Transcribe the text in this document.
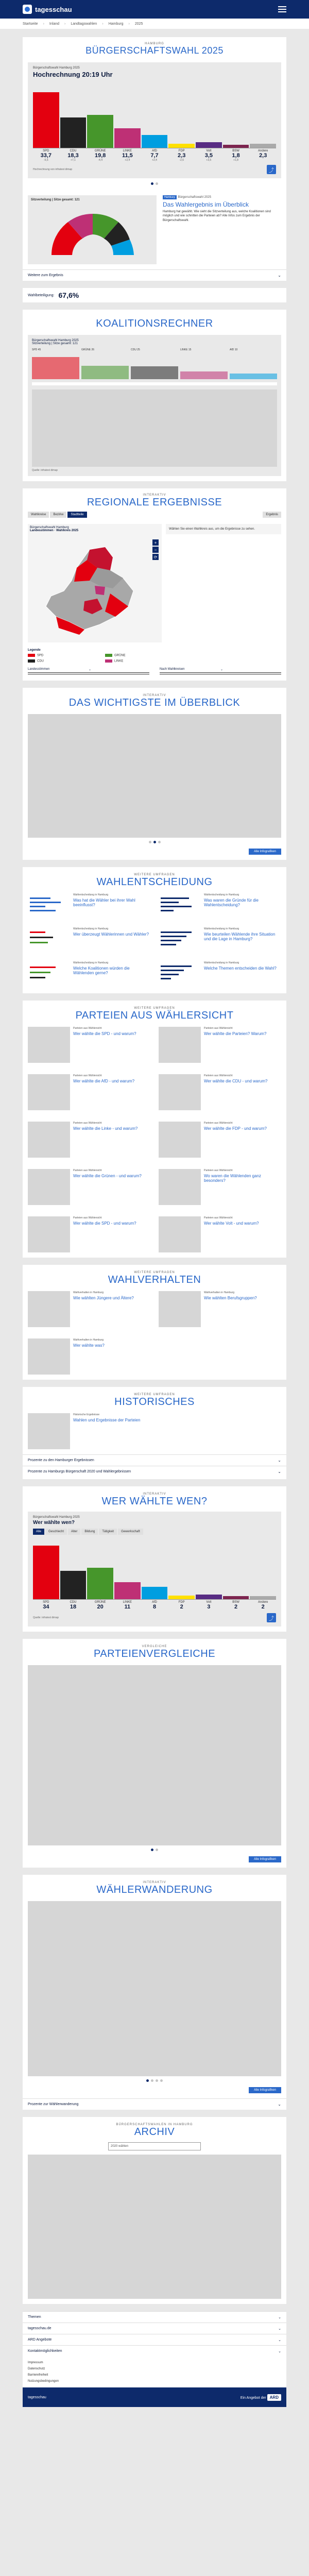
tagesschau
Startseite › Inland › Landtagswahlen › Hamburg › 2025
HAMBURG
BÜRGERSCHAFTSWAHL 2025
Bürgerschaftswahl Hamburg 2025
Hochrechnung 20:19 Uhr
SPD	CDU	GRÜNE	LINKE	AfD	FDP	Volt	BSW	Andere
33,7	18,3	19,8	11,5	7,7	2,3	3,5	1,8	2,3
-5,5	+7,1	-4,4	+2,4	+2,4	-2,6	+3,5	+1,8
Hochrechnung von infratest dimap	⤴
Sitzverteilung | Sitze gesamt: 121
Hamburg Bürgerschaftswahl 2025
Das Wahlergebnis im Überblick
Hamburg hat gewählt. Wie sieht die Sitzverteilung aus, welche Koalitionen sind möglich und wie schnitten die Parteien ab? Alle Infos zum Ergebnis der Bürgerschaftswahl.
Weitere zum Ergebnis	⌄
Wahlbeteiligung: 67,6%
KOALITIONSRECHNER
Bürgerschaftswahl Hamburg 2025
Sitzverteilung | Sitze gesamt: 121
SPD 45	GRÜNE 26	CDU 25	LINKE 15	AfD 10
Quelle: infratest dimap
INTERAKTIV
REGIONALE ERGEBNISSE
Wahlkreise	Bezirke	Stadtteile	Ergebnis
Bürgerschaftswahl Hamburg
Landesstimmen · Wahlkreis 2025
+
−
⟳
Wählen Sie einen Wahlkreis aus, um die Ergebnisse zu sehen.
Legende
SPD	GRÜNE
CDU	LINKE
Landesstimmen	⌄	Nach Wahlkreisen	⌄
INTERAKTIV
DAS WICHTIGSTE IM ÜBERBLICK
Alle Infografiken
WEITERE UMFRAGEN
WAHLENTSCHEIDUNG
Wahlentscheidung in Hamburg
Was hat die Wähler bei ihrer Wahl beeinflusst?
Wahlentscheidung in Hamburg
Was waren die Gründe für die Wahlentscheidung?
Wahlentscheidung in Hamburg
Wer überzeugt Wählerinnen und Wähler?
Wahlentscheidung in Hamburg
Wie beurteilen Wählende ihre Situation und die Lage in Hamburg?
Wahlentscheidung in Hamburg
Welche Koalitionen würden die Wählenden gerne?
Wahlentscheidung in Hamburg
Welche Themen entscheiden die Wahl?
WEITERE UMFRAGEN
PARTEIEN AUS WÄHLERSICHT
Parteien aus Wählersicht
Wer wählte die SPD - und warum?
Parteien aus Wählersicht
Wer wählte die Parteien? Warum?
Parteien aus Wählersicht
Wer wählte die AfD - und warum?
Parteien aus Wählersicht
Wer wählte die CDU - und warum?
Parteien aus Wählersicht
Wer wählte die Linke - und warum?
Parteien aus Wählersicht
Wer wählte die FDP - und warum?
Parteien aus Wählersicht
Wer wählte die Grünen - und warum?
Parteien aus Wählersicht
Wo waren die Wählenden ganz besonders?
Parteien aus Wählersicht
Wer wählte die SPD - und warum?
Parteien aus Wählersicht
Wer wählte Volt - und warum?
WEITERE UMFRAGEN
WAHLVERHALTEN
Wahlverhalten in Hamburg
Wie wählten Jüngere und Ältere?
Wahlverhalten in Hamburg
Wie wählten Berufsgruppen?
Wahlverhalten in Hamburg
Wer wählte was?
WEITERE UMFRAGEN
HISTORISCHES
Historische Ergebnisse
Wahlen und Ergebnisse der Parteien
Prozente zu den Hamburger Ergebnissen	⌄
Prozente zu Hamburgs Bürgerschaft 2020 und Wahlergebnissen	⌄
INTERAKTIV
WER WÄHLTE WEN?
Bürgerschaftswahl Hamburg 2025
Wer wählte wen?
Alle	Geschlecht	Alter	Bildung	Tätigkeit	Gewerkschaft
SPD	CDU	GRÜNE	LINKE	AfD	FDP	Volt	BSW	Andere
34	18	20	11	8	2	3	2	2
Quelle: infratest dimap	⤴
VERGLEICHE
PARTEIENVERGLEICHE
Alle Infografiken
INTERAKTIV
WÄHLERWANDERUNG
Alle Infografiken
Prozente zur Wählerwanderung	⌄
BÜRGERSCHAFTSWAHLEN IN HAMBURG
ARCHIV
2020 wählen
Themen	⌄
tagesschau.de	⌄
ARD Angebote	⌄
Kontaktmöglichkeiten	⌄
Impressum
Datenschutz
Barrierefreiheit
Nutzungsbedingungen
tagesschau	Ein Angebot der ARD
